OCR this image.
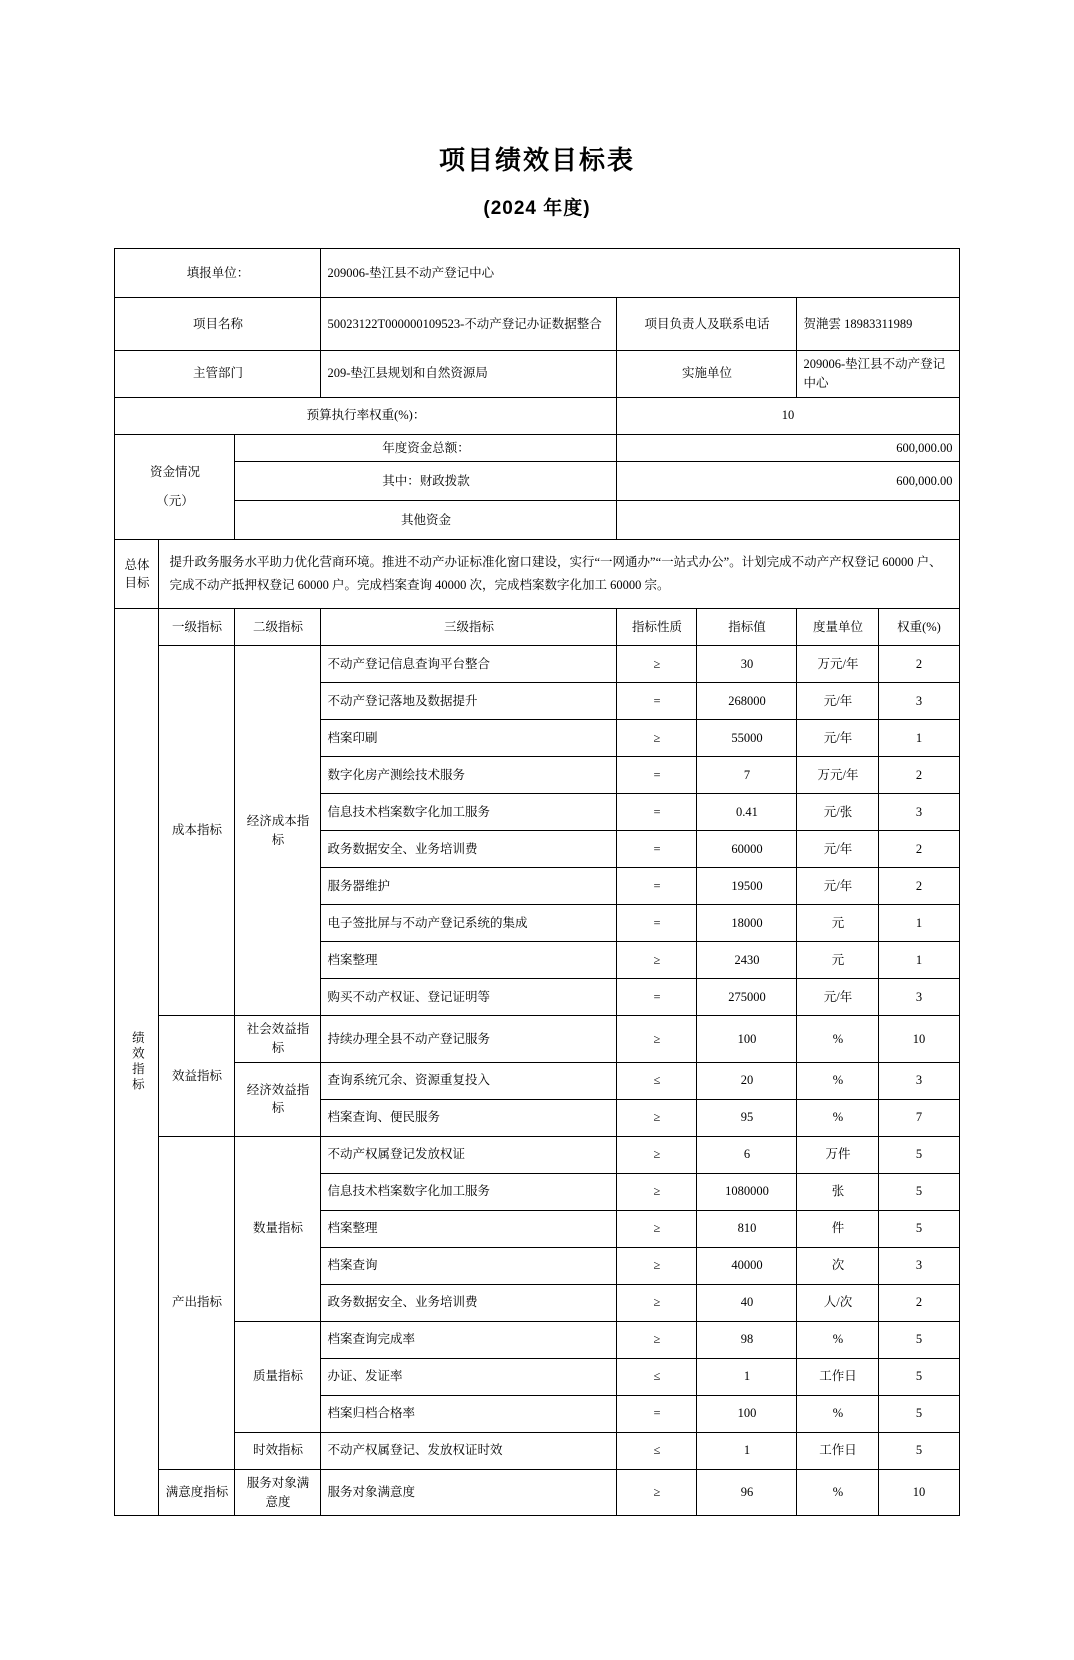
项目绩效目标表
(2024 年度)
填报单位：			209006-垫江县不动产登记中心				
项目名称			50023122T000000109523-不动产登记办证数据整合	项目负责人及联系电话		贺滟雲 18983311989	
主管部门			209-垫江县规划和自然资源局	实施单位		209006-垫江县不动产登记中心	
预算执行率权重(%)：				10			

资金情况
（元）		年度资金总额：		600,000.00			
		其中：财政拨款		600,000.00			
		其他资金					

总体
目标	提升政务服务水平助力优化营商环境。推进不动产办证标准化窗口建设，实行“一网通办”“一站式办公”。计划完成不动产产权登记 60000 户、完成不动产抵押权登记 60000 户。完成档案查询 40000 次，完成档案数字化加工 60000 宗。						

绩效指标	一级指标	二级指标	三级指标	指标性质	指标值	度量单位	权重(%)
	成本指标	经济成本指标	不动产登记信息查询平台整合	≥	30	万元/年	2
			不动产登记落地及数据提升	=	268000	元/年	3
			档案印刷	≥	55000	元/年	1
			数字化房产测绘技术服务	=	7	万元/年	2
			信息技术档案数字化加工服务	=	0.41	元/张	3
			政务数据安全、业务培训费	=	60000	元/年	2
			服务器维护	=	19500	元/年	2
			电子签批屏与不动产登记系统的集成	=	18000	元	1
			档案整理	≥	2430	元	1
			购买不动产权证、登记证明等	=	275000	元/年	3
	效益指标	社会效益指标	持续办理全县不动产登记服务	≥	100	%	10
		经济效益指标	查询系统冗余、资源重复投入	≤	20	%	3
			档案查询、便民服务	≥	95	%	7
	产出指标	数量指标	不动产权属登记发放权证	≥	6	万件	5
			信息技术档案数字化加工服务	≥	1080000	张	5
			档案整理	≥	810	件	5
			档案查询	≥	40000	次	3
			政务数据安全、业务培训费	≥	40	人/次	2
		质量指标	档案查询完成率	≥	98	%	5
			办证、发证率	≤	1	工作日	5
			档案归档合格率	=	100	%	5
		时效指标	不动产权属登记、发放权证时效	≤	1	工作日	5
	满意度指标	服务对象满意度	服务对象满意度	≥	96	%	10
